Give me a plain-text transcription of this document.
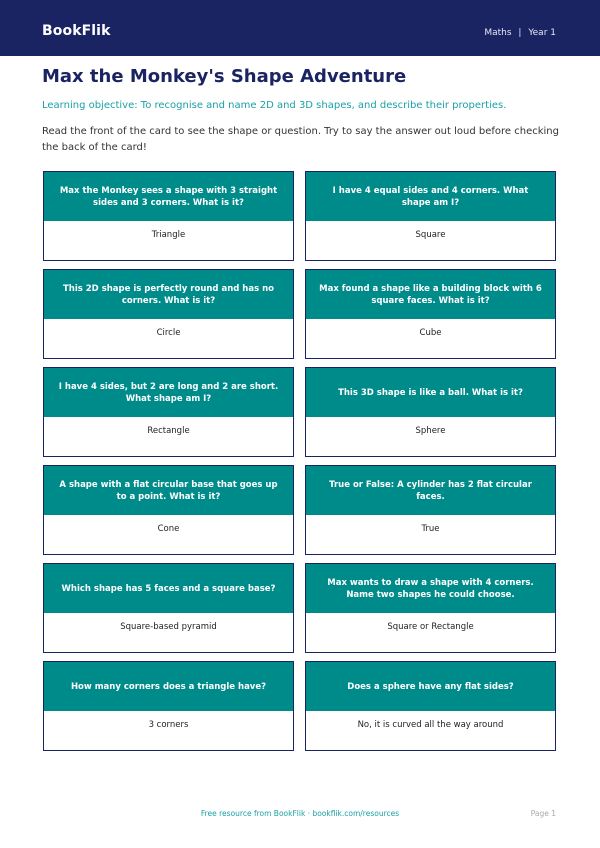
BookFlik	Maths | Year 1
Max the Monkey's Shape Adventure
Learning objective: To recognise and name 2D and 3D shapes, and describe their properties.
Read the front of the card to see the shape or question. Try to say the answer out loud before checking the back of the card!
Max the Monkey sees a shape with 3 straight sides and 3 corners. What is it?
Triangle
I have 4 equal sides and 4 corners. What shape am I?
Square
This 2D shape is perfectly round and has no corners. What is it?
Circle
Max found a shape like a building block with 6 square faces. What is it?
Cube
I have 4 sides, but 2 are long and 2 are short. What shape am I?
Rectangle
This 3D shape is like a ball. What is it?
Sphere
A shape with a flat circular base that goes up to a point. What is it?
Cone
True or False: A cylinder has 2 flat circular faces.
True
Which shape has 5 faces and a square base?
Square-based pyramid
Max wants to draw a shape with 4 corners. Name two shapes he could choose.
Square or Rectangle
How many corners does a triangle have?
3 corners
Does a sphere have any flat sides?
No, it is curved all the way around
Free resource from BookFlik · bookflik.com/resources	Page 1
